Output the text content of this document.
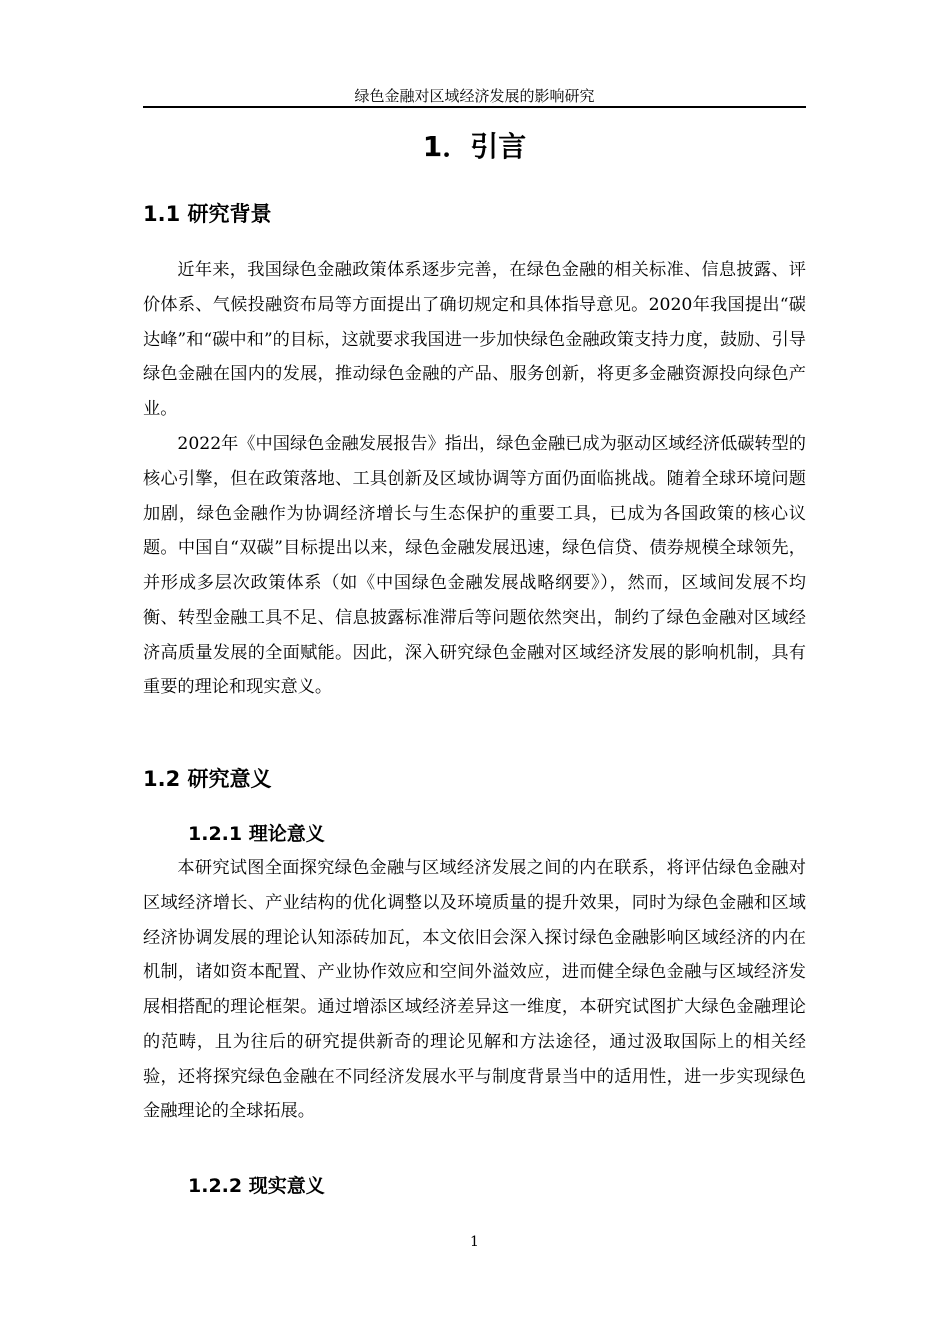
绿色金融对区域经济发展的影响研究
1．引言
1.1 研究背景

近年来，我国绿色金融政策体系逐步完善，在绿色金融的相关标准、信息披露、评价体系、气候投融资布局等方面提出了确切规定和具体指导意见。2020年我国提出“碳达峰”和“碳中和”的目标，这就要求我国进一步加快绿色金融政策支持力度，鼓励、引导绿色金融在国内的发展，推动绿色金融的产品、服务创新，将更多金融资源投向绿色产业。

2022年《中国绿色金融发展报告》指出，绿色金融已成为驱动区域经济低碳转型的核心引擎，但在政策落地、工具创新及区域协调等方面仍面临挑战。随着全球环境问题加剧，绿色金融作为协调经济增长与生态保护的重要工具，已成为各国政策的核心议题。中国自“双碳”目标提出以来，绿色金融发展迅速，绿色信贷、债券规模全球领先，并形成多层次政策体系（如《中国绿色金融发展战略纲要》），然而，区域间发展不均衡、转型金融工具不足、信息披露标准滞后等问题依然突出，制约了绿色金融对区域经济高质量发展的全面赋能。因此，深入研究绿色金融对区域经济发展的影响机制，具有重要的理论和现实意义。

1.2 研究意义
1.2.1 理论意义

本研究试图全面探究绿色金融与区域经济发展之间的内在联系，将评估绿色金融对区域经济增长、产业结构的优化调整以及环境质量的提升效果，同时为绿色金融和区域经济协调发展的理论认知添砖加瓦，本文依旧会深入探讨绿色金融影响区域经济的内在机制，诸如资本配置、产业协作效应和空间外溢效应，进而健全绿色金融与区域经济发展相搭配的理论框架。通过增添区域经济差异这一维度，本研究试图扩大绿色金融理论的范畴，且为往后的研究提供新奇的理论见解和方法途径，通过汲取国际上的相关经验，还将探究绿色金融在不同经济发展水平与制度背景当中的适用性，进一步实现绿色金融理论的全球拓展。

1.2.2 现实意义
1
